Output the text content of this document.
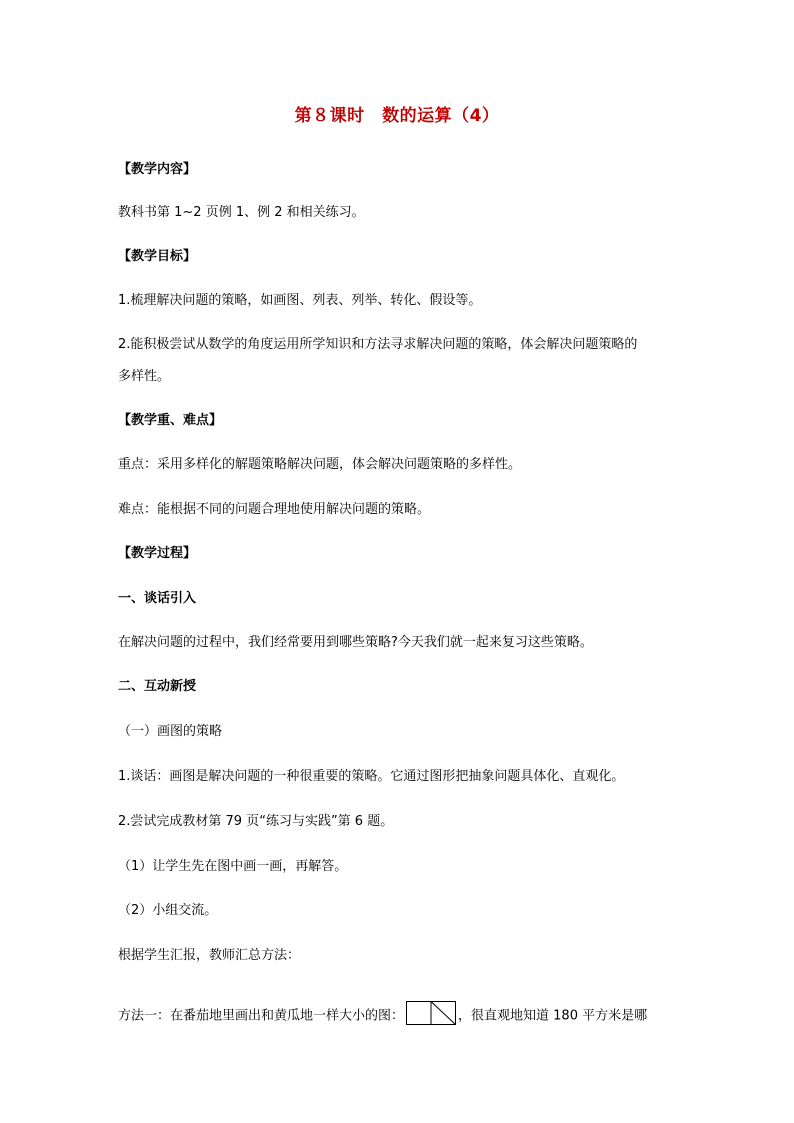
第８课时　数的运算（4）
【教学内容】
教科书第 1~2 页例 1、例 2 和相关练习。
【教学目标】
1.梳理解决问题的策略，如画图、列表、列举、转化、假设等。
2.能积极尝试从数学的角度运用所学知识和方法寻求解决问题的策略，体会解决问题策略的
多样性。
【教学重、难点】
重点：采用多样化的解题策略解决问题，体会解决问题策略的多样性。
难点：能根据不同的问题合理地使用解决问题的策略。
【教学过程】
一、谈话引入
在解决问题的过程中，我们经常要用到哪些策略?今天我们就一起来复习这些策略。
二、互动新授
（一）画图的策略
1.谈话：画图是解决问题的一种很重要的策略。它通过图形把抽象问题具体化、直观化。
2.尝试完成教材第 79 页“练习与实践”第 6 题。
（1）让学生先在图中画一画，再解答。
（2）小组交流。
根据学生汇报，教师汇总方法：
方法一：在番茄地里画出和黄瓜地一样大小的图：	，很直观地知道 180 平方米是哪
